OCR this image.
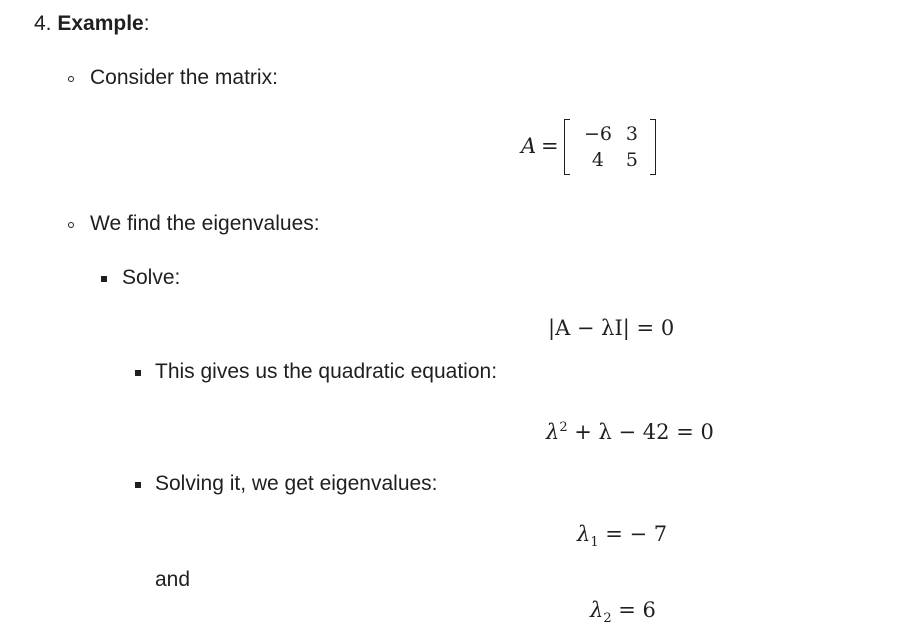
4. Example:
Consider the matrix:
A =	−6 3
4 5
We find the eigenvalues:
Solve:
|A − λI| = 0
This gives us the quadratic equation:
$\lambda^2 + \lambda - 42 = 0$
Solving it, we get eigenvalues:
$\lambda_1$ = − 7
and
$\lambda_2 = 6$
